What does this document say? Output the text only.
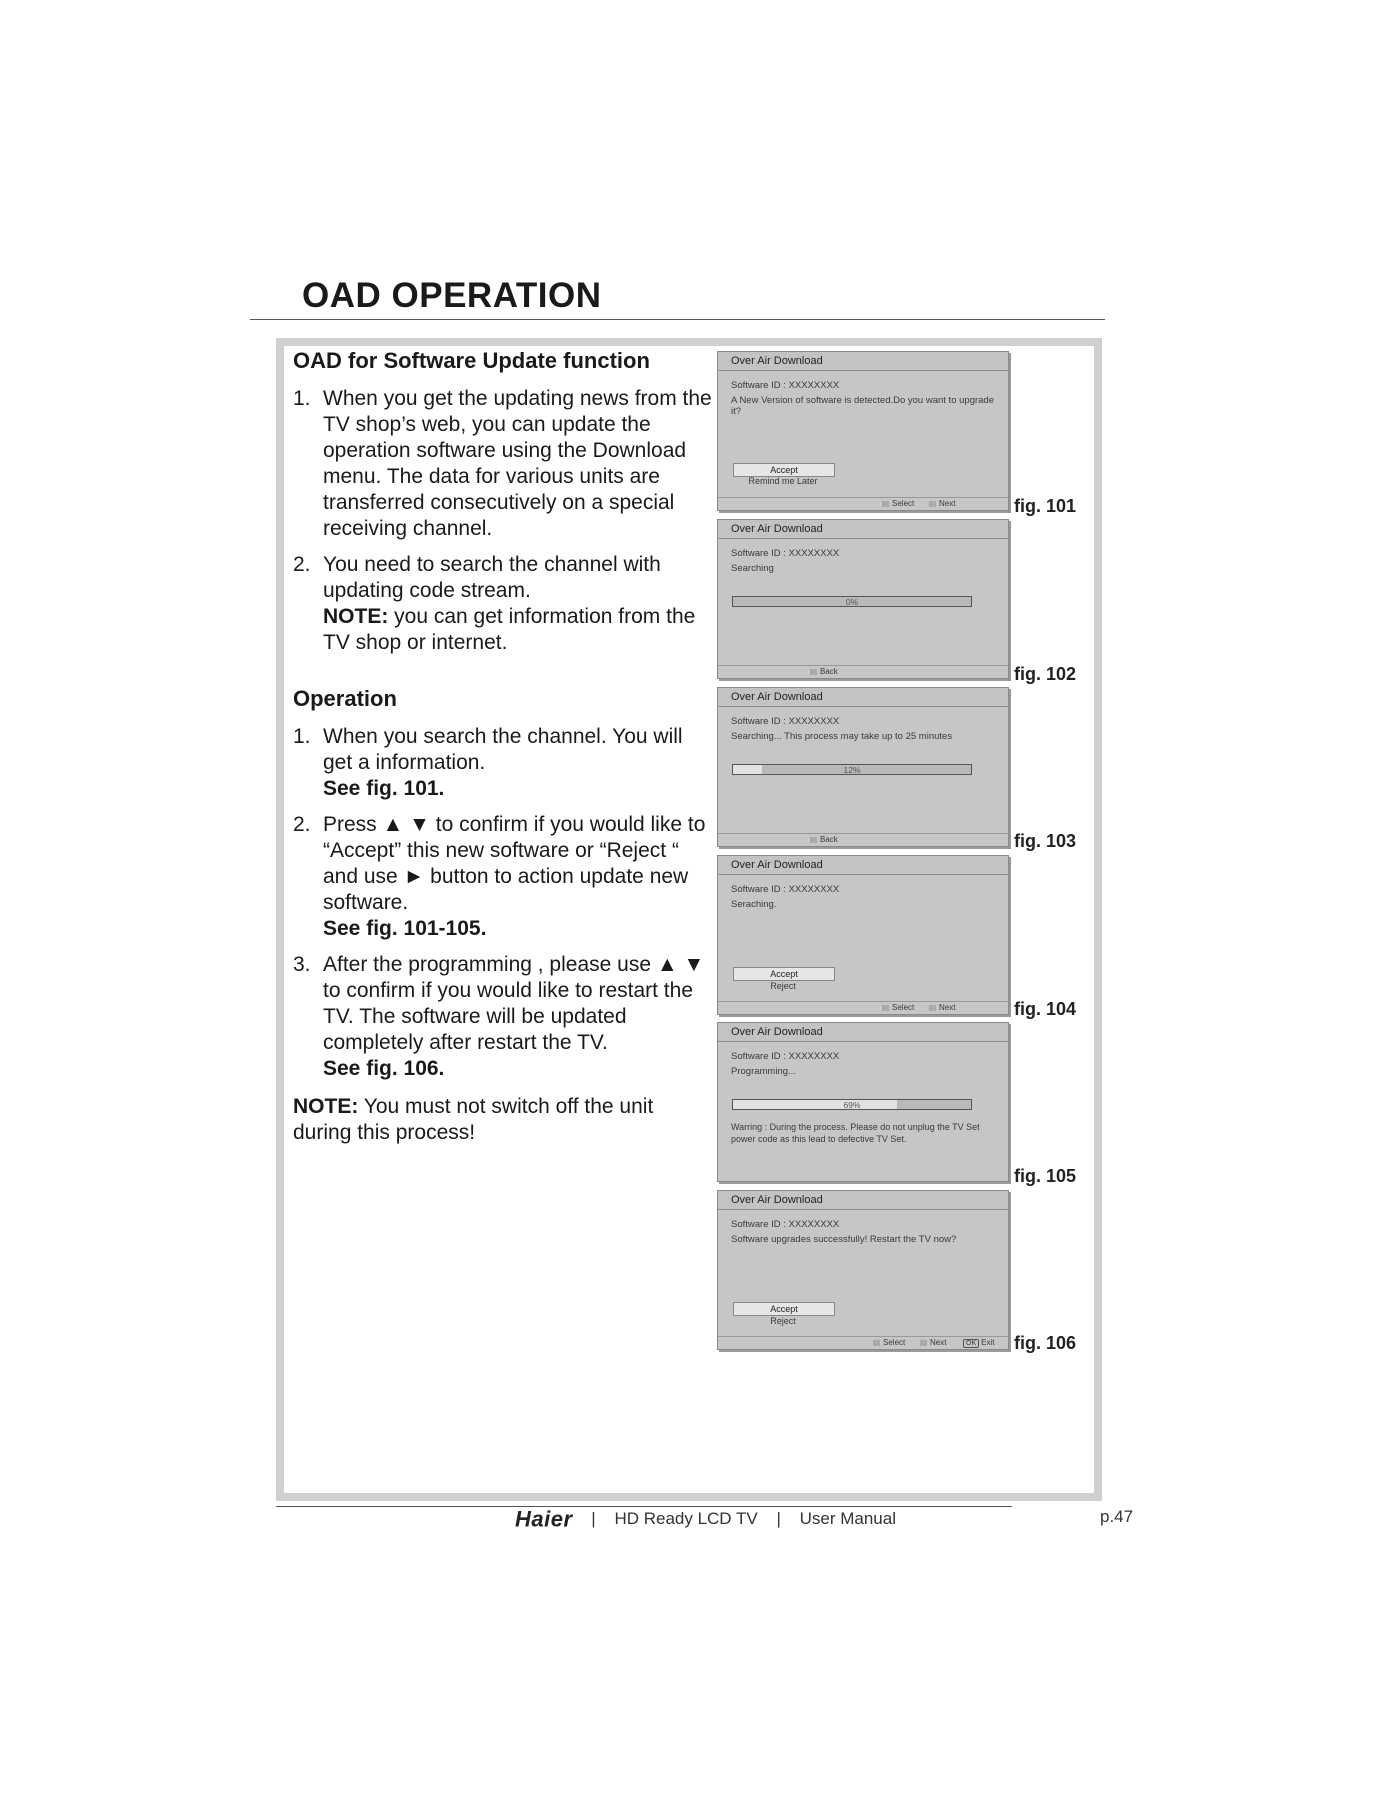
OAD OPERATION
OAD for Software Update function
1. When you get the updating news from the TV shop’s web, you can update the operation software using the Download menu. The data for various units are transferred consecutively on a special receiving channel.
2. You need to search the channel with updating code stream.
NOTE: you can get information from the TV shop or internet.
Operation
1. When you search the channel. You will get a information.
See fig. 101.
2. Press ▲ ▼ to confirm if you would like to “Accept” this new software or “Reject “ and use ► button to action update new software.
See fig. 101-105.
3. After the programming , please use ▲ ▼ to confirm if you would like to restart the TV. The software will be updated completely after restart the TV.
See fig. 106.
NOTE: You must not switch off the unit during this process!
Over Air Download
Software ID : XXXXXXXX
A New Version of software is detected.Do you want to upgrade it?
Accept
Remind me Later
Select	Next	fig. 101
Over Air Download
Software ID : XXXXXXXX
Searching
0%
Back	fig. 102
Over Air Download
Software ID : XXXXXXXX
Searching... This process may take up to 25 minutes
12%
Back	fig. 103
Over Air Download
Software ID : XXXXXXXX
Seraching.
Accept
Reject
Select	Next	fig. 104
Over Air Download
Software ID : XXXXXXXX
Programming...
69%
Warring : During the process. Please do not unplug the TV Set power code as this lead to defective TV Set.
fig. 105
Over Air Download
Software ID : XXXXXXXX
Software upgrades successfully! Restart the TV now?
Accept
Reject
Select	Next	OK Exit fig. 106
Haier | HD Ready LCD TV | User Manual	p.47
